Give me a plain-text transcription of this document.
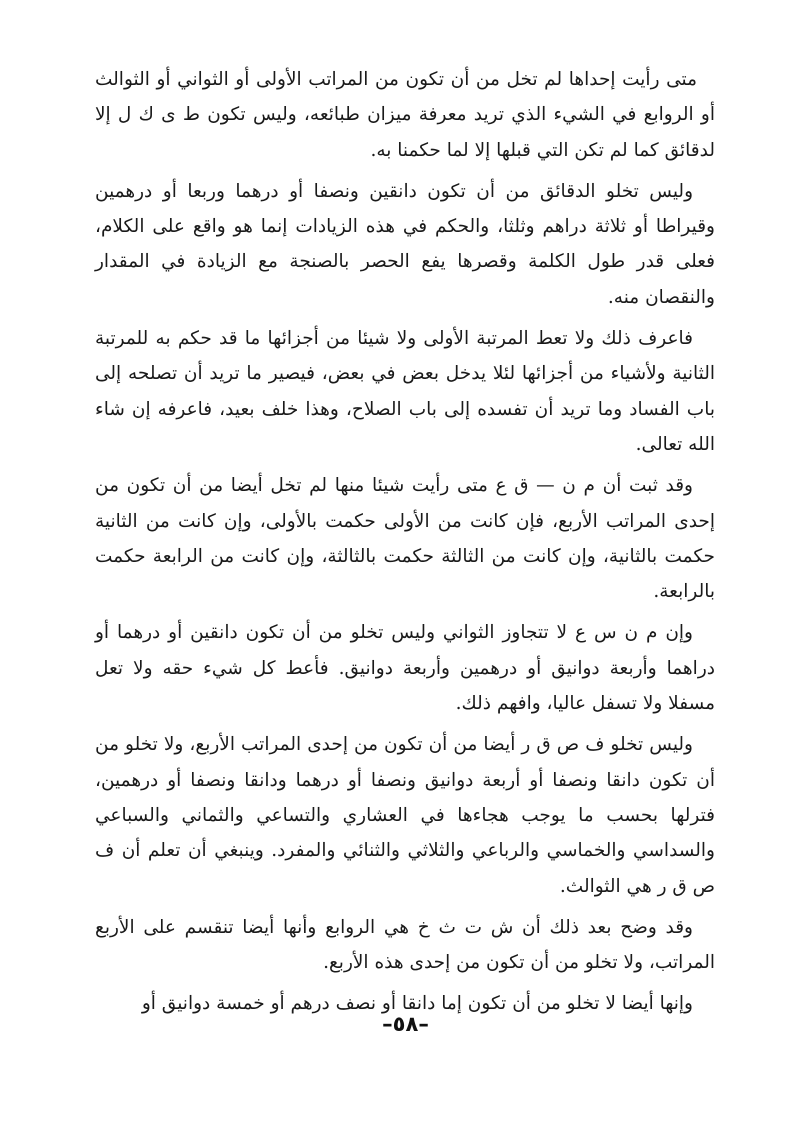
متى رأيت إحداها لم تخل من أن تكون من المراتب الأولى أو الثواني أو الثوالث أو الروابع في الشيء الذي تريد معرفة ميزان طبائعه، وليس تكون ط ى ك ل إلا لدقائق كما لم تكن التي قبلها إلا لما حكمنا به.

وليس تخلو الدقائق من أن تكون دانقين ونصفا أو درهما وربعا أو درهمين وقيراطا أو ثلاثة دراهم وثلثا، والحكم في هذه الزيادات إنما هو واقع على الكلام، فعلى قدر طول الكلمة وقصرها يفع الحصر بالصنجة مع الزيادة في المقدار والنقصان منه.

فاعرف ذلك ولا تعط المرتبة الأولى ولا شيئا من أجزائها ما قد حكم به للمرتبة الثانية ولأشياء من أجزائها لئلا يدخل بعض في بعض، فيصير ما تريد أن تصلحه إلى باب الفساد وما تريد أن تفسده إلى باب الصلاح، وهذا خلف بعيد، فاعرفه إن شاء الله تعالى.

وقد ثبت أن م ن — ق ع متى رأيت شيئا منها لم تخل أيضا من أن تكون من إحدى المراتب الأربع، فإن كانت من الأولى حكمت بالأولى، وإن كانت من الثانية حكمت بالثانية، وإن كانت من الثالثة حكمت بالثالثة، وإن كانت من الرابعة حكمت بالرابعة.

وإن م ن س ع لا تتجاوز الثواني وليس تخلو من أن تكون دانقين أو درهما أو دراهما وأربعة دوانيق أو درهمين وأربعة دوانيق. فأعط كل شيء حقه ولا تعل مسفلا ولا تسفل عاليا، وافهم ذلك.

وليس تخلو ف ص ق ر أيضا من أن تكون من إحدى المراتب الأربع، ولا تخلو من أن تكون دانقا ونصفا أو أربعة دوانيق ونصفا أو درهما ودانقا ونصفا أو درهمين، فترلها بحسب ما يوجب هجاءها في العشاري والتساعي والثماني والسباعي والسداسي والخماسي والرباعي والثلاثي والثنائي والمفرد. وينبغي أن تعلم أن ف ص ق ر هي الثوالث.

وقد وضح بعد ذلك أن ش ت ث خ هي الروابع وأنها أيضا تنقسم على الأربع المراتب، ولا تخلو من أن تكون من إحدى هذه الأربع.

وإنها أيضا لا تخلو من أن تكون إما دانقا أو نصف درهم أو خمسة دوانيق أو

–٥٨–
